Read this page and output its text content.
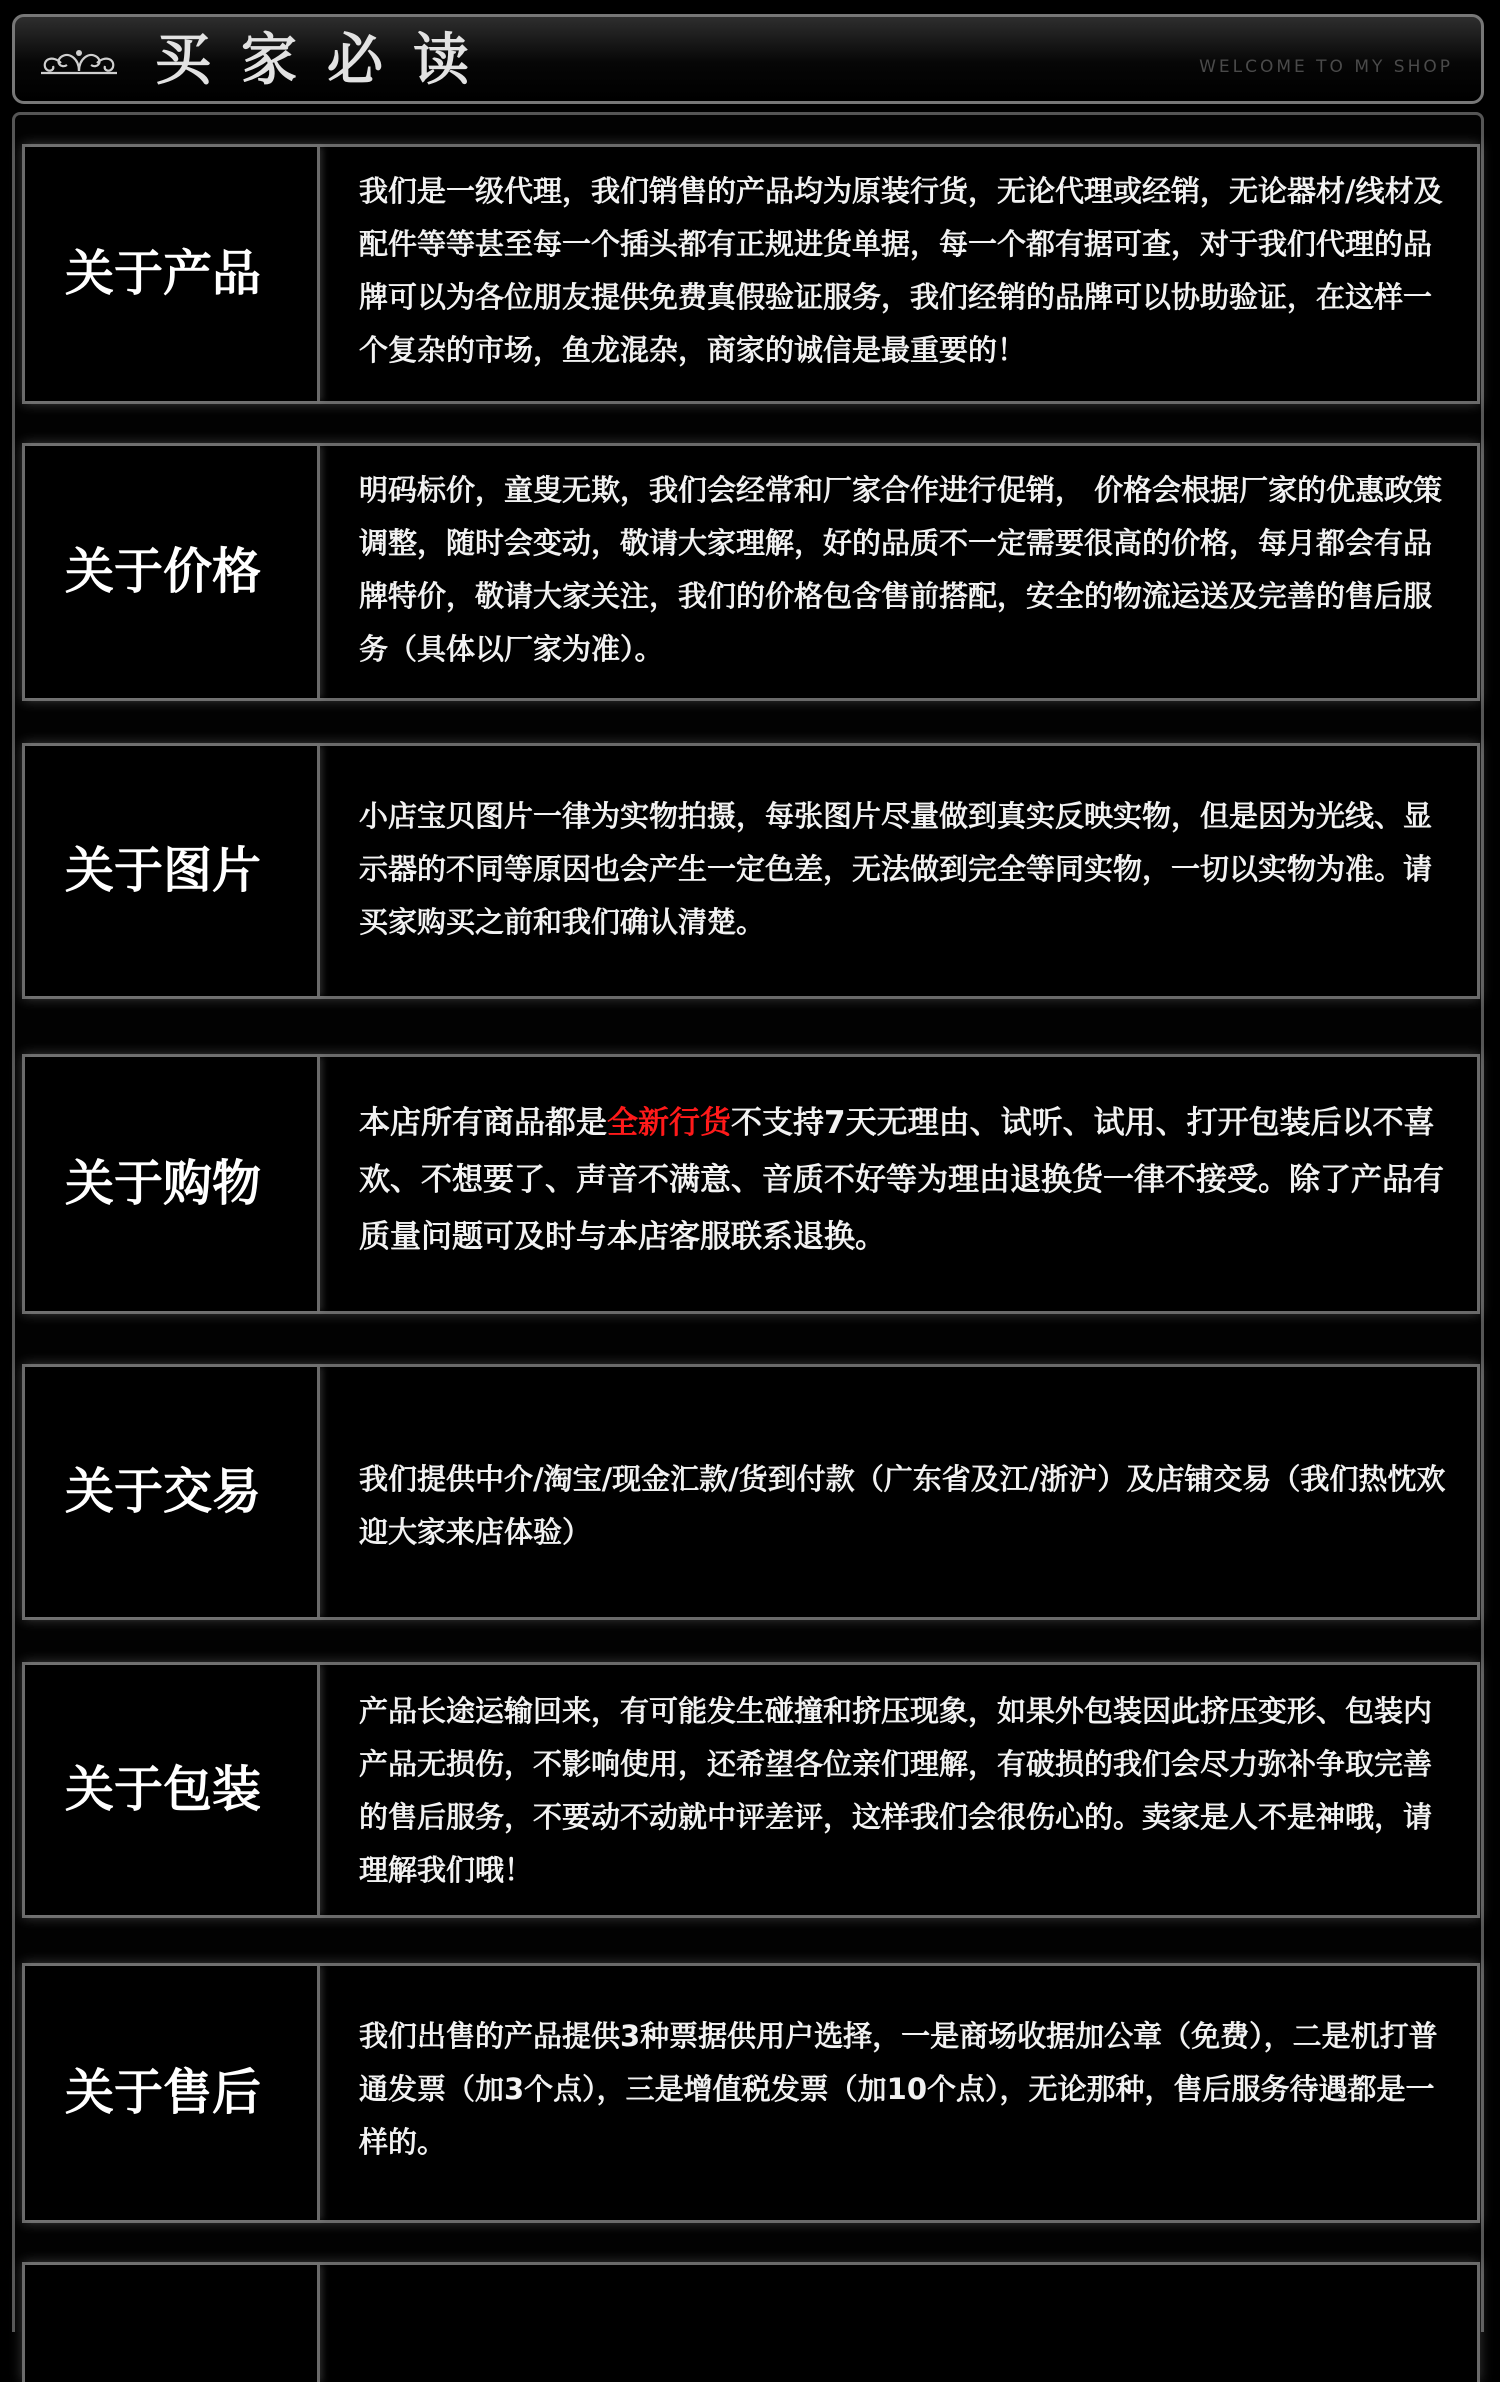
买家必读	WELCOME TO MY SHOP
关于产品
我们是一级代理，我们销售的产品均为原装行货，无论代理或经销，无论器材/线材及配件等等甚至每一个插头都有正规进货单据，每一个都有据可查，对于我们代理的品牌可以为各位朋友提供免费真假验证服务，我们经销的品牌可以协助验证，在这样一个复杂的市场，鱼龙混杂，商家的诚信是最重要的！
关于价格
明码标价，童叟无欺，我们会经常和厂家合作进行促销， 价格会根据厂家的优惠政策调整，随时会变动，敬请大家理解，好的品质不一定需要很高的价格，每月都会有品牌特价，敬请大家关注，我们的价格包含售前搭配，安全的物流运送及完善的售后服务（具体以厂家为准）。
关于图片
小店宝贝图片一律为实物拍摄，每张图片尽量做到真实反映实物，但是因为光线、显示器的不同等原因也会产生一定色差，无法做到完全等同实物，一切以实物为准。请买家购买之前和我们确认清楚。
关于购物
本店所有商品都是全新行货不支持7天无理由、试听、试用、打开包装后以不喜欢、不想要了、声音不满意、音质不好等为理由退换货一律不接受。除了产品有质量问题可及时与本店客服联系退换。
关于交易	我们提供中介/淘宝/现金汇款/货到付款（广东省及江/浙沪）及店铺交易（我们热忱欢迎大家来店体验）
关于包装
产品长途运输回来，有可能发生碰撞和挤压现象，如果外包装因此挤压变形、包装内产品无损伤，不影响使用，还希望各位亲们理解，有破损的我们会尽力弥补争取完善的售后服务，不要动不动就中评差评，这样我们会很伤心的。卖家是人不是神哦，请理解我们哦！
关于售后
我们出售的产品提供3种票据供用户选择，一是商场收据加公章（免费），二是机打普通发票（加3个点），三是增值税发票（加10个点），无论那种，售后服务待遇都是一样的。
